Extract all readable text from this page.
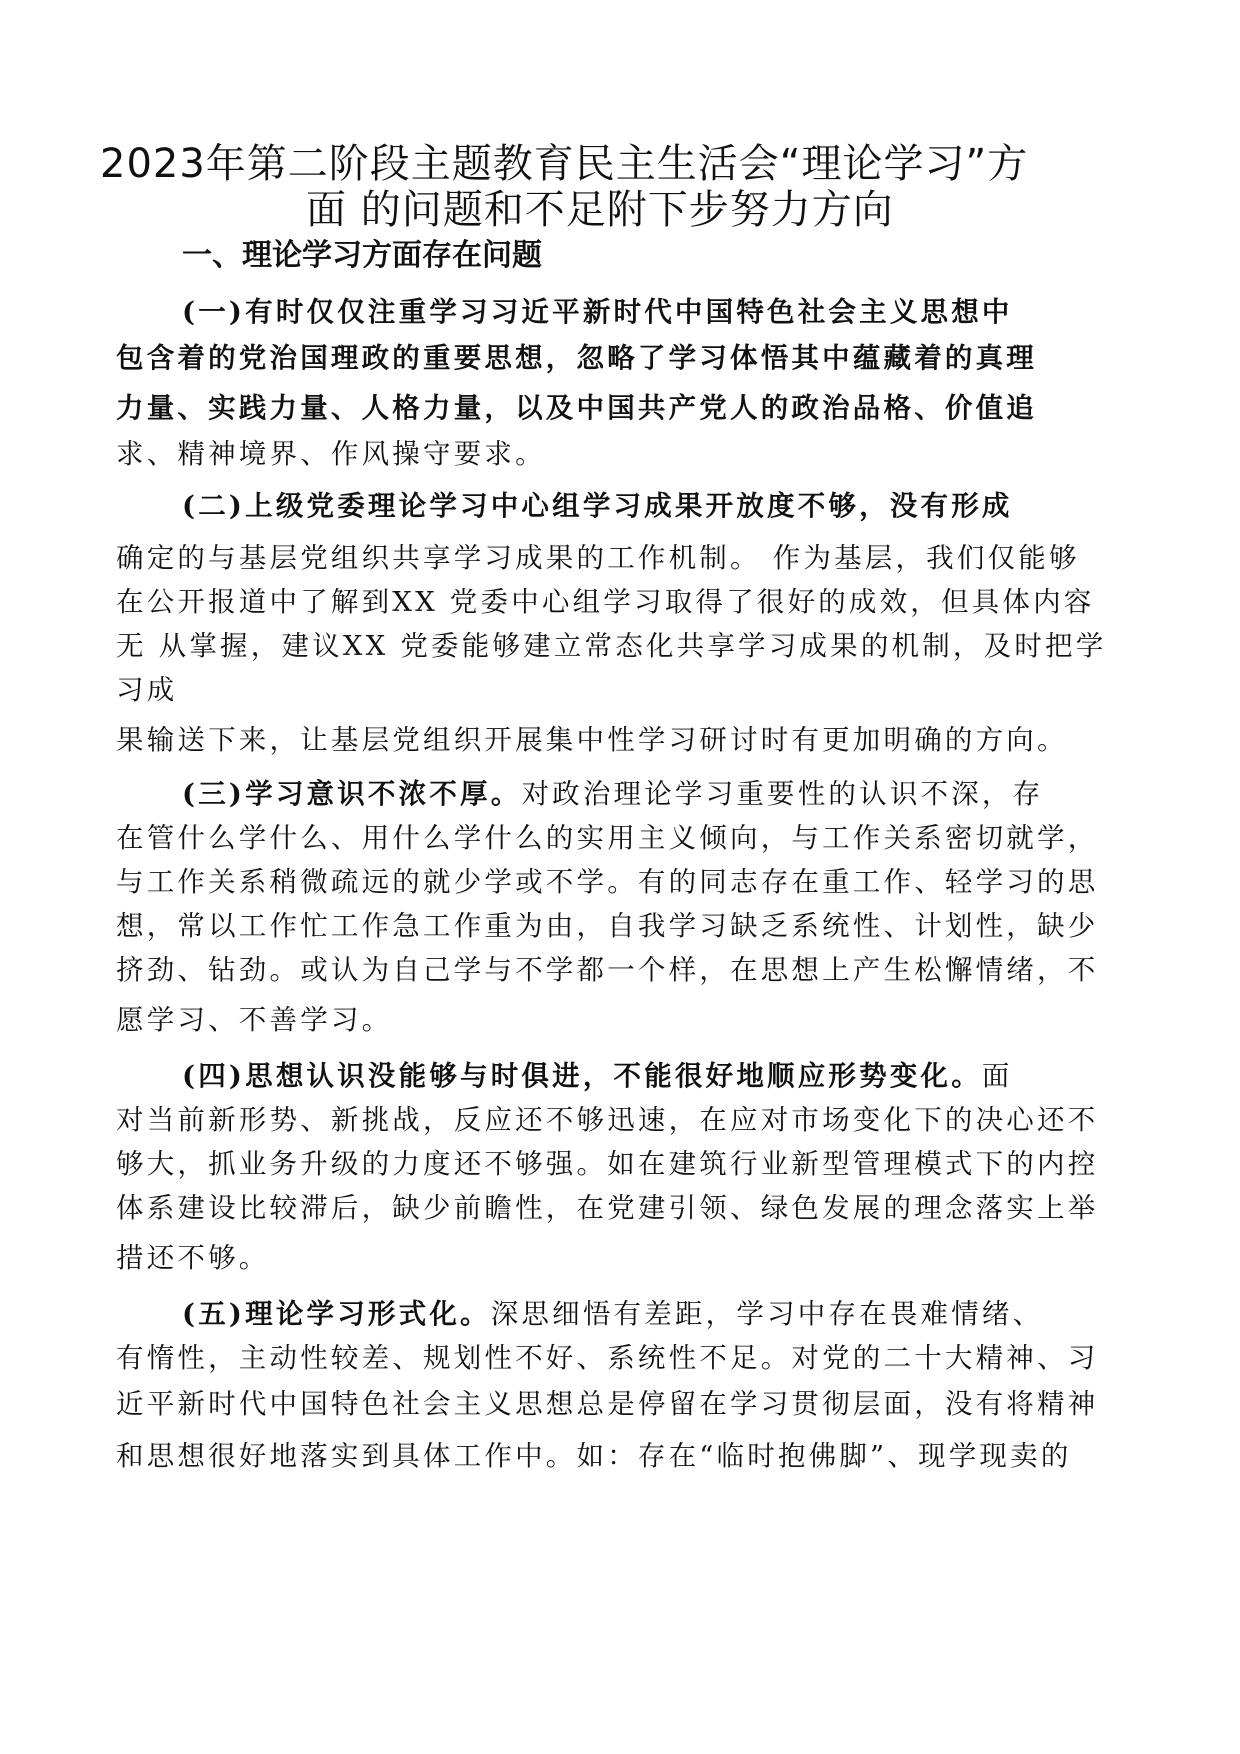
2023年第二阶段主题教育民主生活会“理论学习”方
面 的问题和不足附下步努力方向
一、理论学习方面存在问题
(一)有时仅仅注重学习习近平新时代中国特色社会主义思想中
包含着的党治国理政的重要思想，忽略了学习体悟其中蕴藏着的真理
力量、实践力量、人格力量，以及中国共产党人的政治品格、价值追
求、精神境界、作风操守要求。
(二)上级党委理论学习中心组学习成果开放度不够，没有形成
确定的与基层党组织共享学习成果的工作机制。 作为基层，我们仅能够
在公开报道中了解到XX 党委中心组学习取得了很好的成效，但具体内容
无 从掌握，建议XX 党委能够建立常态化共享学习成果的机制，及时把学
习成
果输送下来，让基层党组织开展集中性学习研讨时有更加明确的方向。
(三)学习意识不浓不厚。对政治理论学习重要性的认识不深，存
在管什么学什么、用什么学什么的实用主义倾向，与工作关系密切就学，
与工作关系稍微疏远的就少学或不学。有的同志存在重工作、轻学习的思
想，常以工作忙工作急工作重为由，自我学习缺乏系统性、计划性，缺少
挤劲、钻劲。或认为自己学与不学都一个样，在思想上产生松懈情绪，不
愿学习、不善学习。
(四)思想认识没能够与时俱进，不能很好地顺应形势变化。面
对当前新形势、新挑战，反应还不够迅速，在应对市场变化下的决心还不
够大，抓业务升级的力度还不够强。如在建筑行业新型管理模式下的内控
体系建设比较滞后，缺少前瞻性，在党建引领、绿色发展的理念落实上举
措还不够。
(五)理论学习形式化。深思细悟有差距，学习中存在畏难情绪、
有惰性，主动性较差、规划性不好、系统性不足。对党的二十大精神、习
近平新时代中国特色社会主义思想总是停留在学习贯彻层面，没有将精神
和思想很好地落实到具体工作中。如：存在“临时抱佛脚”、现学现卖的
